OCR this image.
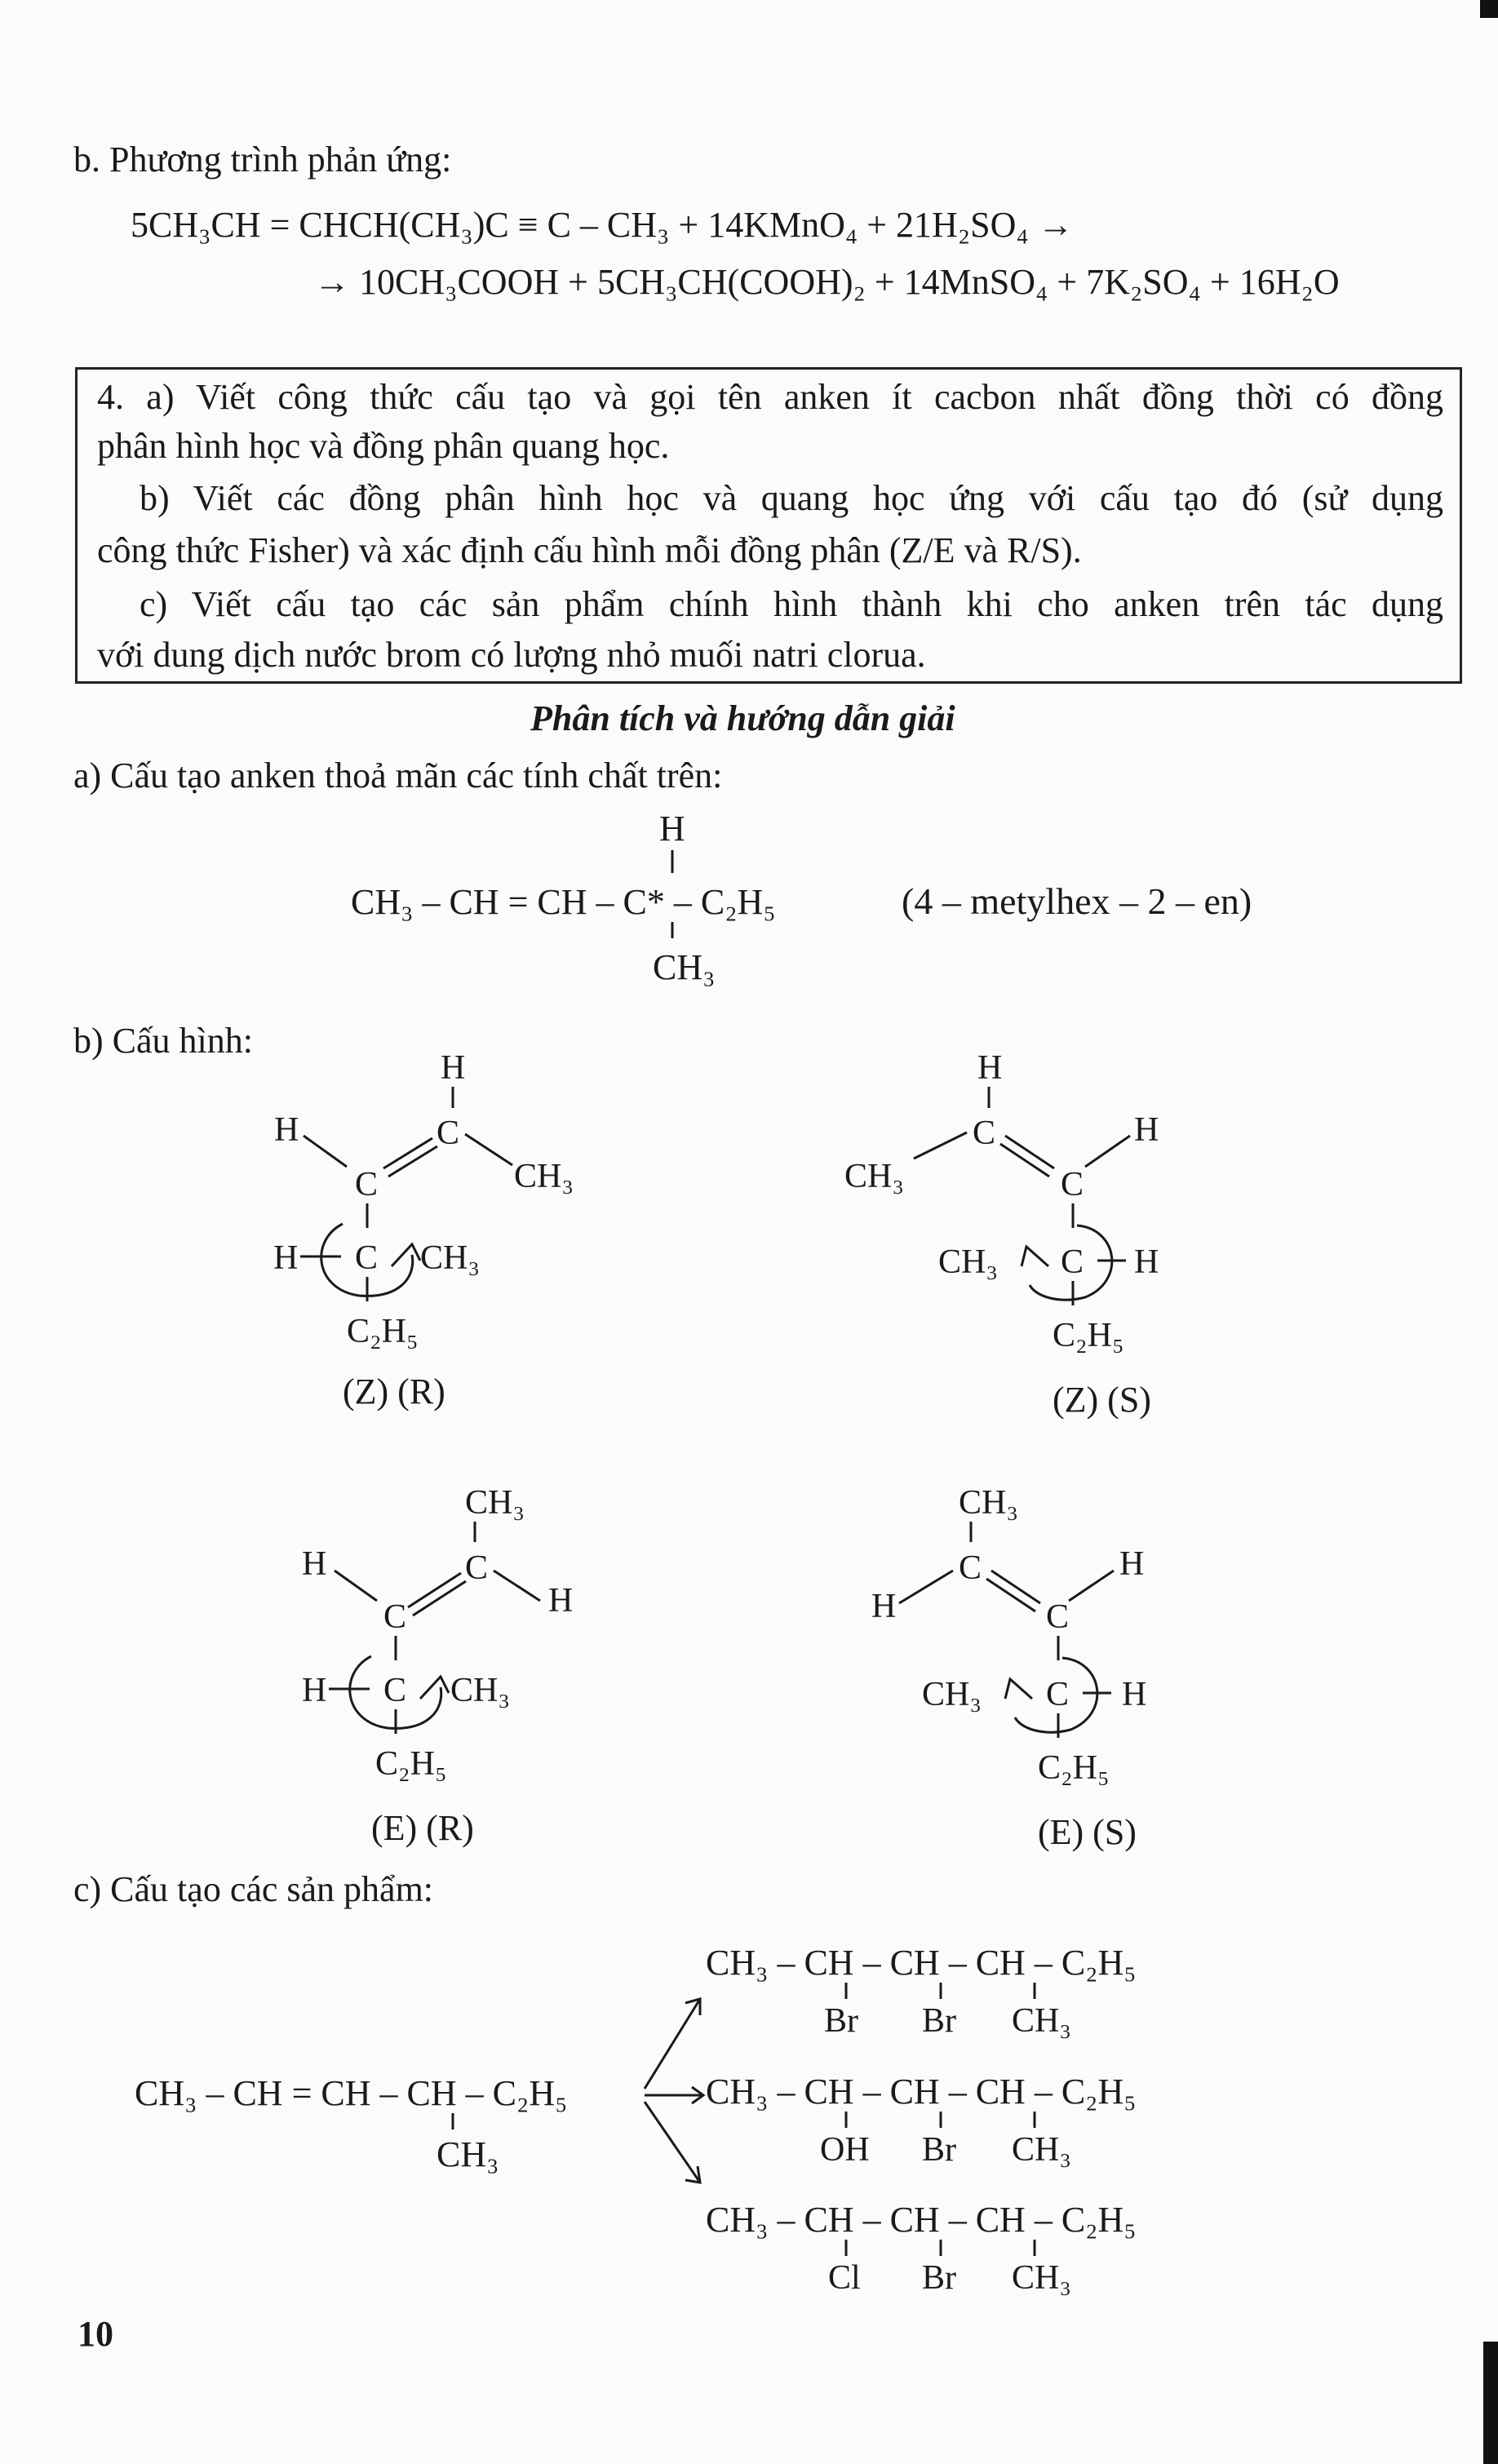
b. Phương trình phản ứng:
5CH₃CH = CHCH(CH₃)C ≡ C – CH₃ + 14KMnO₄ + 21H₂SO₄ →
→ 10CH₃COOH + 5CH₃CH(COOH)₂ + 14MnSO₄ + 7K₂SO₄ + 16H₂O

4. a) Viết công thức cấu tạo và gọi tên anken ít cacbon nhất đồng thời có đồng

phân hình học và đồng phân quang học.

b) Viết các đồng phân hình học và quang học ứng với cấu tạo đó (sử dụng

công thức Fisher) và xác định cấu hình mỗi đồng phân (Z/E và R/S).

c) Viết cấu tạo các sản phẩm chính hình thành khi cho anken trên tác dụng

với dung dịch nước brom có lượng nhỏ muối natri clorua.

Phân tích và hướng dẫn giải
a) Cấu tạo anken thoả mãn các tính chất trên:
H
CH₃ – CH = CH – C* – C₂H₅
CH₃
(4 – metylhex – 2 – en)
b) Cấu hình:
H
C
H
CH₃
C
H C CH₃
C₂H₅
(Z) (R)
H
C
CH₃
H
C
CH₃ C H
C₂H₅
(Z) (S)
CH₃
C
H
H
C
H C CH₃
C₂H₅
(E) (R)
CH₃
C
H
H
C
CH₃ C H
C₂H₅
(E) (S)
c) Cấu tạo các sản phẩm:
CH₃ – CH = CH – CH – C₂H₅
CH₃
CH₃ – CH – CH – CH – C₂H₅
Br Br CH₃
CH₃ – CH – CH – CH – C₂H₅
OH Br CH₃
CH₃ – CH – CH – CH – C₂H₅
Cl Br CH₃
10
